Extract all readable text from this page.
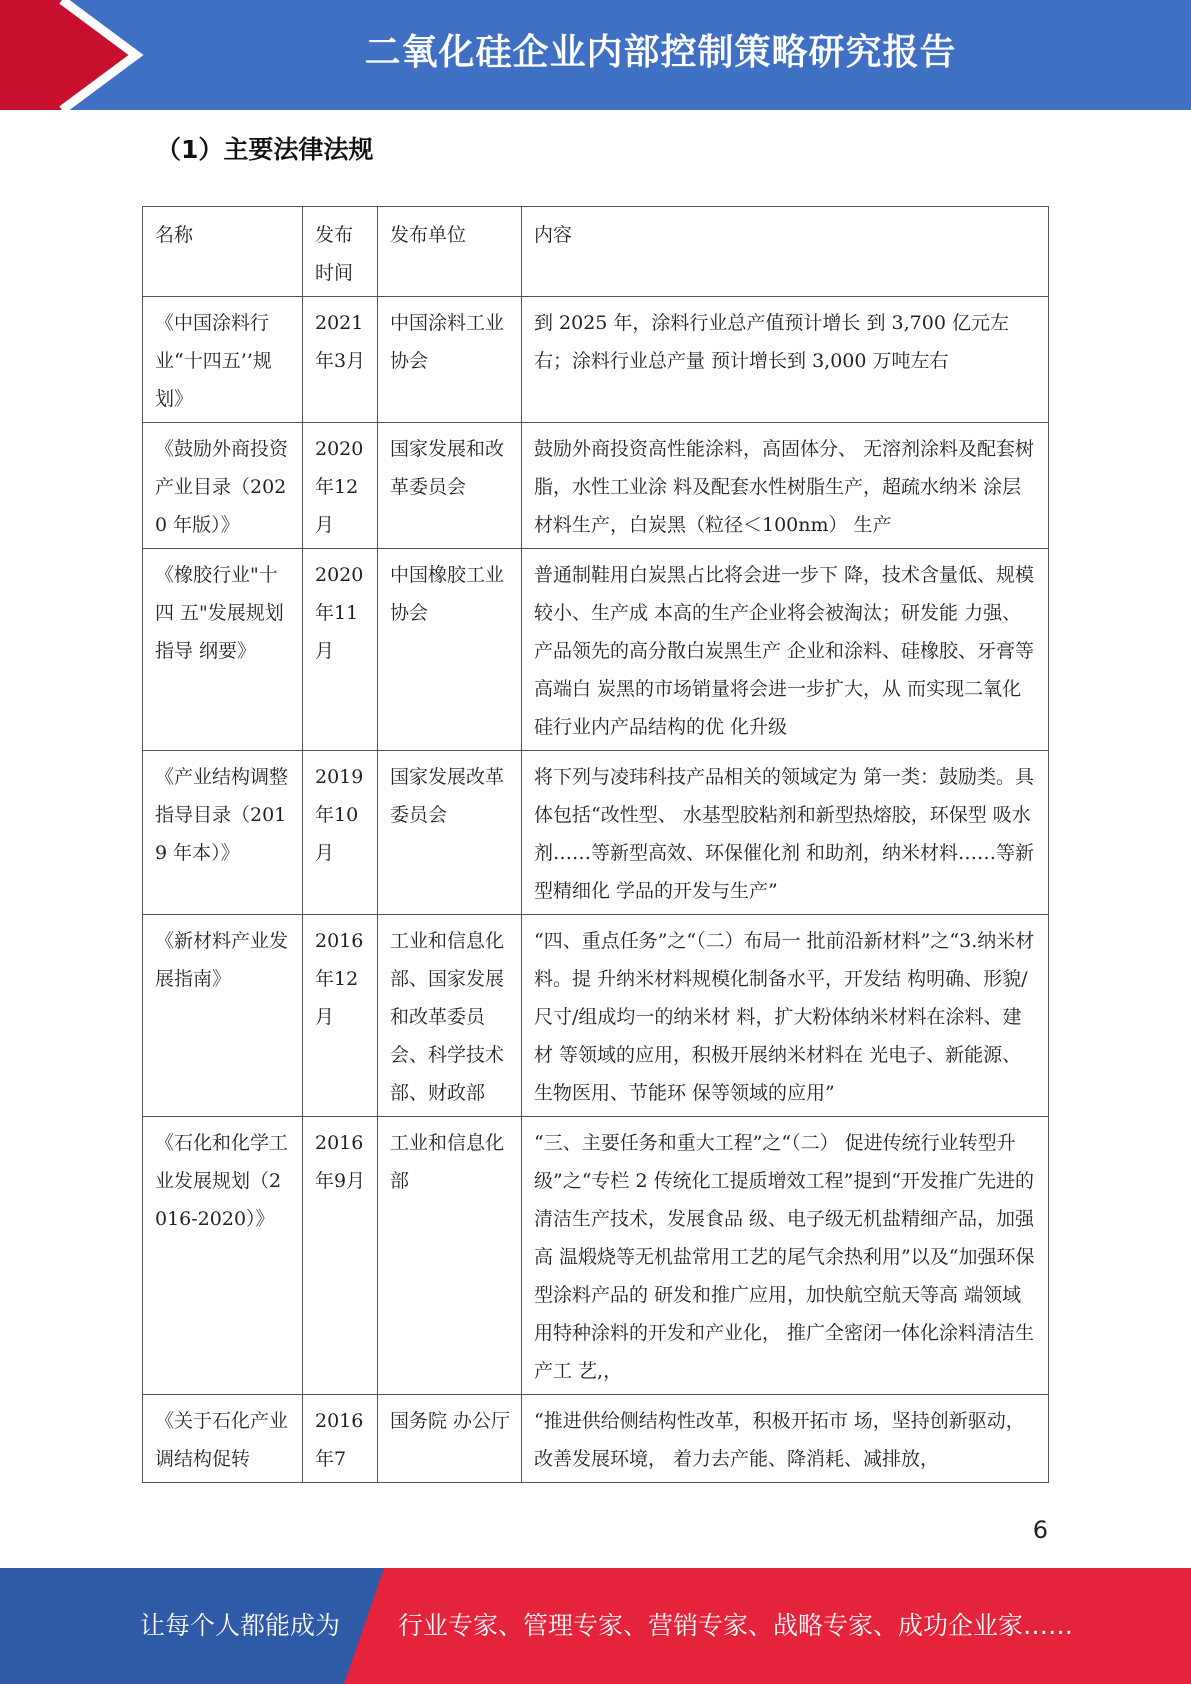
二氧化硅企业内部控制策略研究报告
（1）主要法律法规
名称	发布时间	发布单位	内容
《中国涂料行业“十四五’’规划》	2021年3月	中国涂料工业 协会	到 2025 年，涂料行业总产值预计增长 到 3,700 亿元左右；涂料行业总产量 预计增长到 3,000 万吨左右
《鼓励外商投资 产业目录（2020 年版）》	2020年12月	国家发展和改 革委员会	鼓励外商投资高性能涂料，高固体分、 无溶剂涂料及配套树脂，水性工业涂 料及配套水性树脂生产，超疏水纳米 涂层材料生产，白炭黑（粒径＜100nm） 生产
《橡胶行业"十四 五"发展规划指导 纲要》	2020年11月	中国橡胶工业 协会	普通制鞋用白炭黑占比将会进一步下 降，技术含量低、规模较小、生产成 本高的生产企业将会被淘汰；研发能 力强、产品领先的高分散白炭黑生产 企业和涂料、硅橡胶、牙膏等高端白 炭黑的市场销量将会进一步扩大，从 而实现二氧化硅行业内产品结构的优 化升级
《产业结构调整 指导目录（2019 年本）》	2019年10月	国家发展改革 委员会	将下列与凌玮科技产品相关的领域定为 第一类：鼓励类。具体包括“改性型、 水基型胶粘剂和新型热熔胶，环保型 吸水剂……等新型高效、环保催化剂 和助剂，纳米材料……等新型精细化 学品的开发与生产”
《新材料产业发 展指南》	2016年12月	工业和信息化 部、国家发展 和改革委员 会、科学技术 部、财政部	“四、重点任务”之“（二）布局一 批前沿新材料”之“3.纳米材料。提 升纳米材料规模化制备水平，开发结 构明确、形貌/尺寸/组成均一的纳米材 料，扩大粉体纳米材料在涂料、建材 等领域的应用，积极开展纳米材料在 光电子、新能源、生物医用、节能环 保等领域的应用”
《石化和化学工 业发展规划（2016-2020）》	2016年9月	工业和信息化 部	“三、主要任务和重大工程”之“（二） 促进传统行业转型升级”之“专栏 2 传统化工提质增效工程”提到“开发推广先进的清洁生产技术，发展食品 级、电子级无机盐精细产品，加强高 温煅烧等无机盐常用工艺的尾气余热利用”以及“加强环保型涂料产品的 研发和推广应用，加快航空航天等高 端领域用特种涂料的开发和产业化， 推广全密闭一体化涂料清洁生产工 艺,，
《关于石化产业 调结构促转	2016年7	国务院 办公厅	“推进供给侧结构性改革，积极开拓市 场，坚持创新驱动，改善发展环境， 着力去产能、降消耗、减排放，
6
让每个人都能成为 行业专家、管理专家、营销专家、战略专家、成功企业家……
